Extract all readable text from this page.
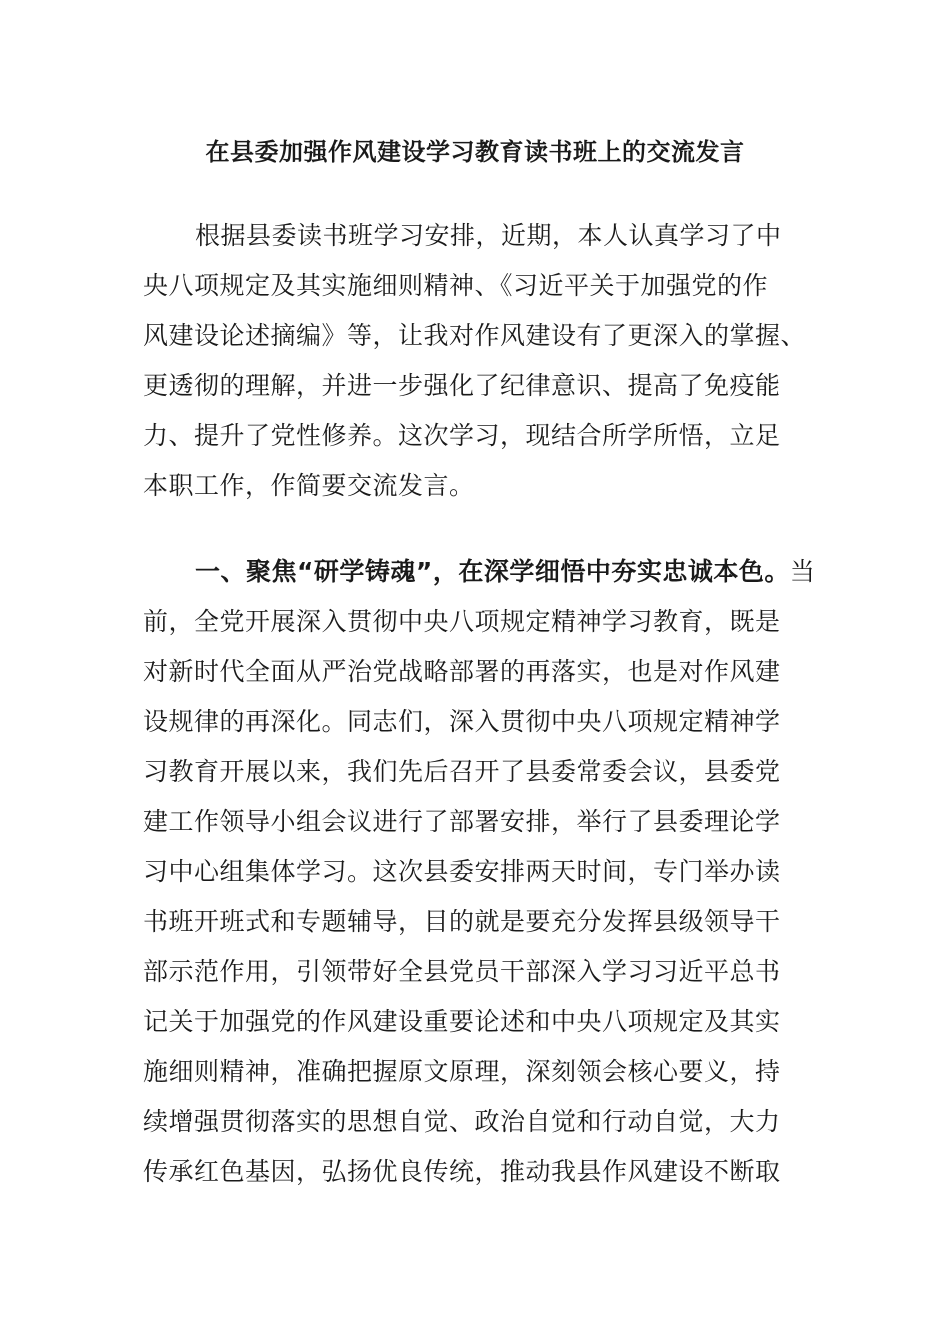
在县委加强作风建设学习教育读书班上的交流发言
根据县委读书班学习安排，近期，本人认真学习了中
央八项规定及其实施细则精神、《习近平关于加强党的作
风建设论述摘编》等，让我对作风建设有了更深入的掌握、
更透彻的理解，并进一步强化了纪律意识、提高了免疫能
力、提升了党性修养。这次学习，现结合所学所悟，立足
本职工作，作简要交流发言。
一、聚焦“研学铸魂”，在深学细悟中夯实忠诚本色。当
前，全党开展深入贯彻中央八项规定精神学习教育，既是
对新时代全面从严治党战略部署的再落实，也是对作风建
设规律的再深化。同志们，深入贯彻中央八项规定精神学
习教育开展以来，我们先后召开了县委常委会议，县委党
建工作领导小组会议进行了部署安排，举行了县委理论学
习中心组集体学习。这次县委安排两天时间，专门举办读
书班开班式和专题辅导，目的就是要充分发挥县级领导干
部示范作用，引领带好全县党员干部深入学习习近平总书
记关于加强党的作风建设重要论述和中央八项规定及其实
施细则精神，准确把握原文原理，深刻领会核心要义，持
续增强贯彻落实的思想自觉、政治自觉和行动自觉，大力
传承红色基因，弘扬优良传统，推动我县作风建设不断取
